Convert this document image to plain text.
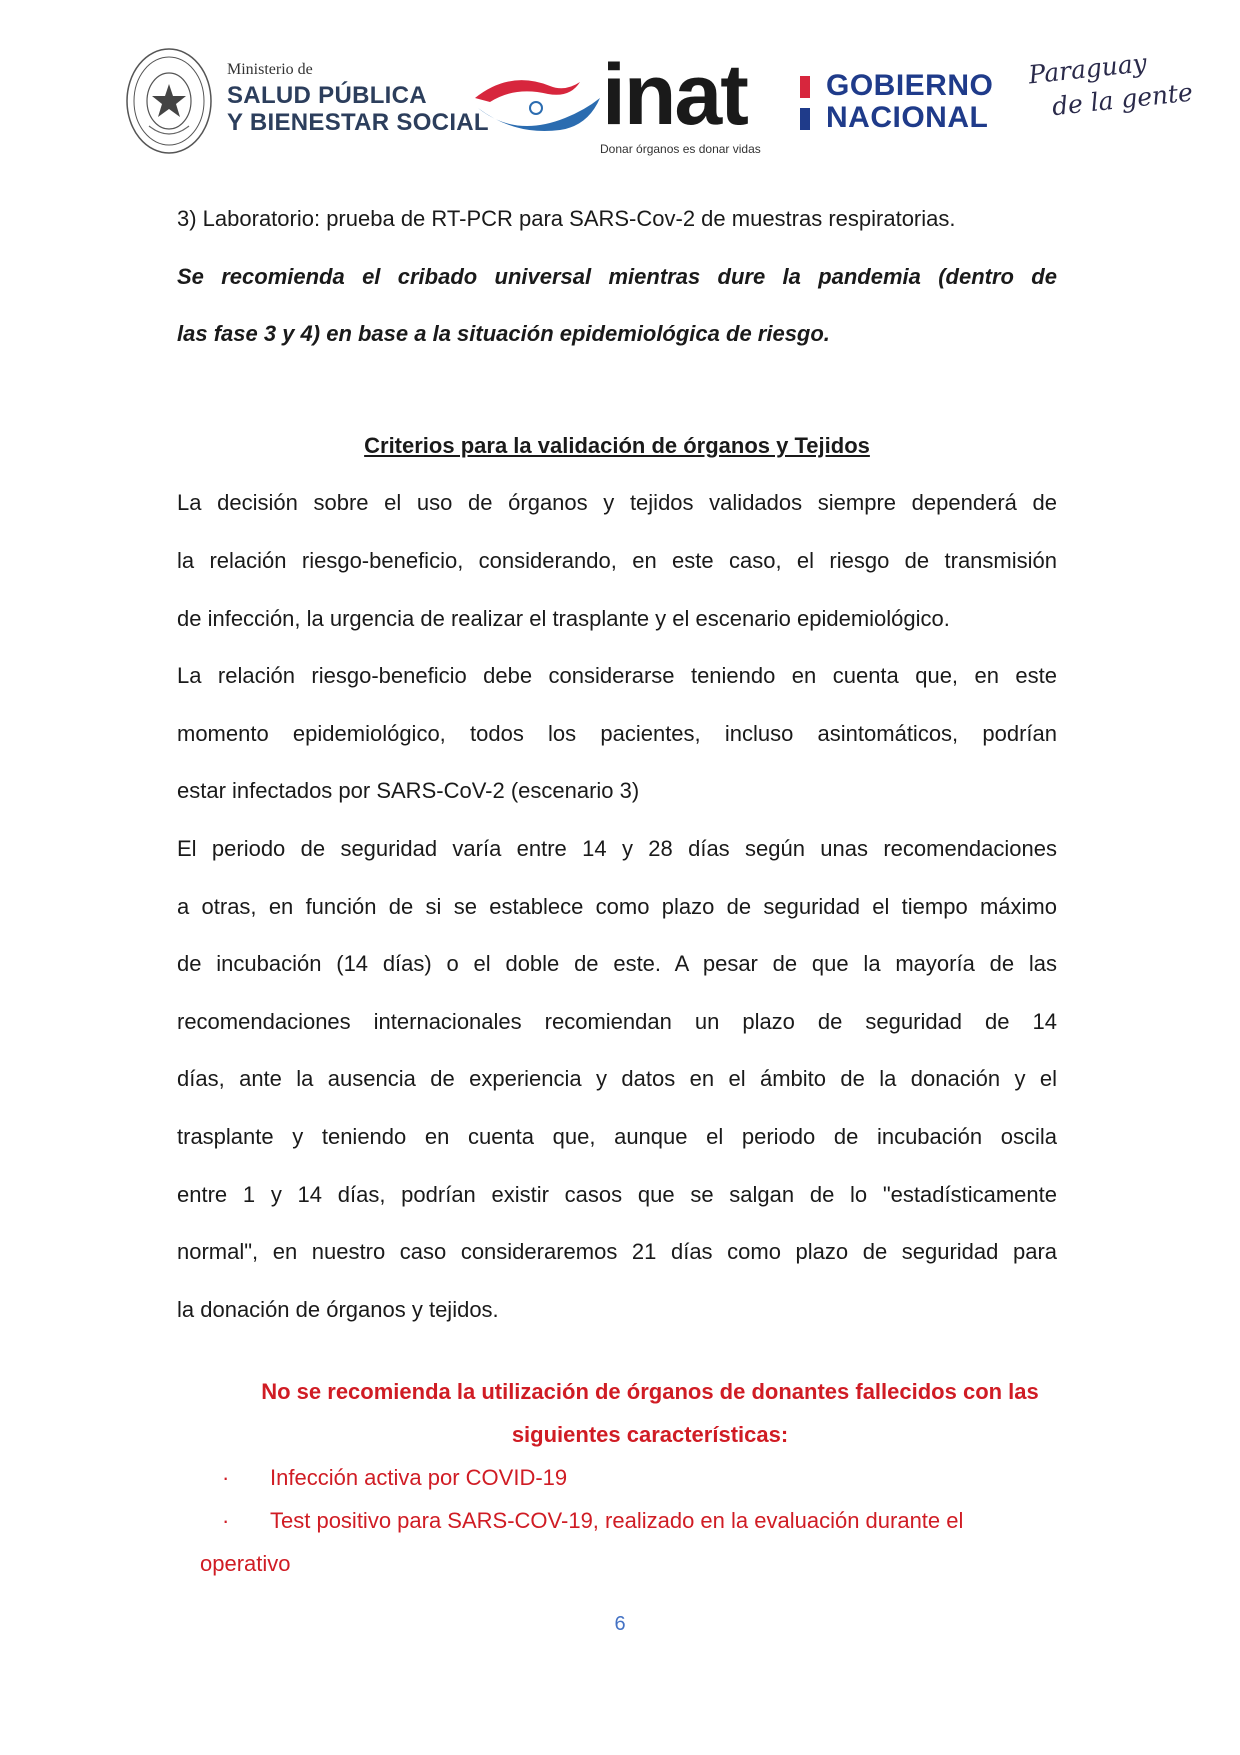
Ministerio de
SALUD PÚBLICA
Y BIENESTAR SOCIAL inat
Donar órganos es donar vidas
GOBIERNO
NACIONAL
Paraguay
de la gente

3) Laboratorio: prueba de RT-PCR para SARS-Cov-2 de muestras respiratorias.

Se recomienda el cribado universal mientras dure la pandemia (dentro de

las fase 3 y 4) en base a la situación epidemiológica de riesgo.

Criterios para la validación de órganos y Tejidos

La decisión sobre el uso de órganos y tejidos validados siempre dependerá de

la relación riesgo-beneficio, considerando, en este caso, el riesgo de transmisión

de infección, la urgencia de realizar el trasplante y el escenario epidemiológico.

La relación riesgo-beneficio debe considerarse teniendo en cuenta que, en este

momento epidemiológico, todos los pacientes, incluso asintomáticos, podrían

estar infectados por SARS-CoV-2 (escenario 3)

El periodo de seguridad varía entre 14 y 28 días según unas recomendaciones

a otras, en función de si se establece como plazo de seguridad el tiempo máximo

de incubación (14 días) o el doble de este. A pesar de que la mayoría de las

recomendaciones internacionales recomiendan un plazo de seguridad de 14

días, ante la ausencia de experiencia y datos en el ámbito de la donación y el

trasplante y teniendo en cuenta que, aunque el periodo de incubación oscila

entre 1 y 14 días, podrían existir casos que se salgan de lo "estadísticamente

normal", en nuestro caso consideraremos 21 días como plazo de seguridad para

la donación de órganos y tejidos.

No se recomienda la utilización de órganos de donantes fallecidos con las

siguientes características:

· Infección activa por COVID-19

· Test positivo para SARS-COV-19, realizado en la evaluación durante el

operativo

6
